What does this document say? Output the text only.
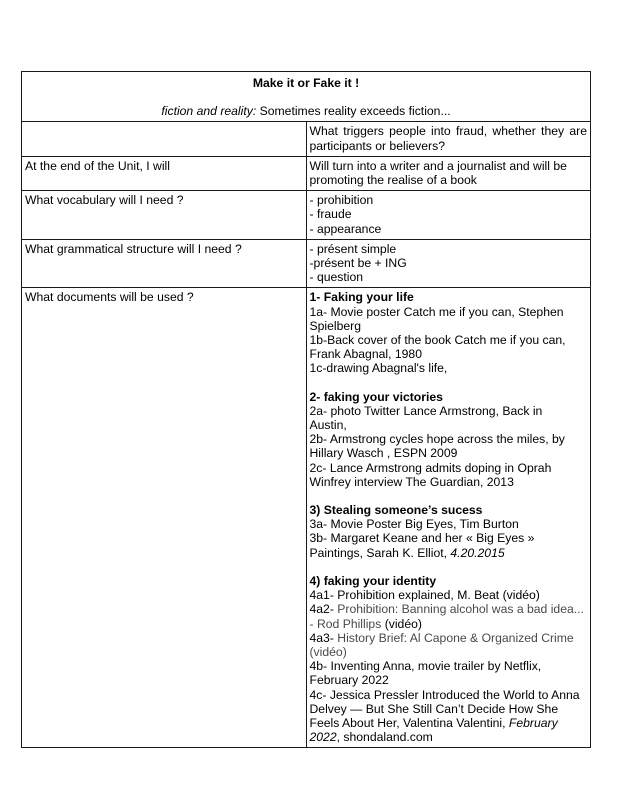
Make it or Fake it !
fiction and reality: Sometimes reality exceeds fiction...	
	What triggers people into fraud, whether they are participants or believers?
At the end of the Unit, I will	Will turn into a writer and a journalist and will be promoting the realise of a book
What vocabulary will I need ?	- prohibition
- fraude
- appearance

What grammatical structure will I need ?	- présent simple
-présent be + ING
- question

What documents will be used ?	1- Faking your life
1a- Movie poster Catch me if you can, Stephen Spielberg
1b-Back cover of the book Catch me if you can, Frank Abagnal, 1980
1c-drawing Abagnal's life,
2- faking your victories
2a- photo Twitter Lance Armstrong, Back in
Austin,
2b- Armstrong cycles hope across the miles, by
Hillary Wasch , ESPN 2009
2c- Lance Armstrong admits doping in Oprah
Winfrey interview The Guardian, 2013
3) Stealing someone’s sucess
3a- Movie Poster Big Eyes, Tim Burton
3b- Margaret Keane and her « Big Eyes » Paintings, Sarah K. Elliot, 4.20.2015
4) faking your identity
4a1- Prohibition explained, M. Beat (vidéo)
4a2- Prohibition: Banning alcohol was a bad idea... - Rod Phillips (vidéo)
4a3- History Brief: Al Capone & Organized Crime (vidéo)
4b- Inventing Anna, movie trailer by Netflix, February 2022
4c- Jessica Pressler Introduced the World to Anna Delvey — But She Still Can’t Decide How She Feels About Her, Valentina Valentini, February 2022, shondaland.com
